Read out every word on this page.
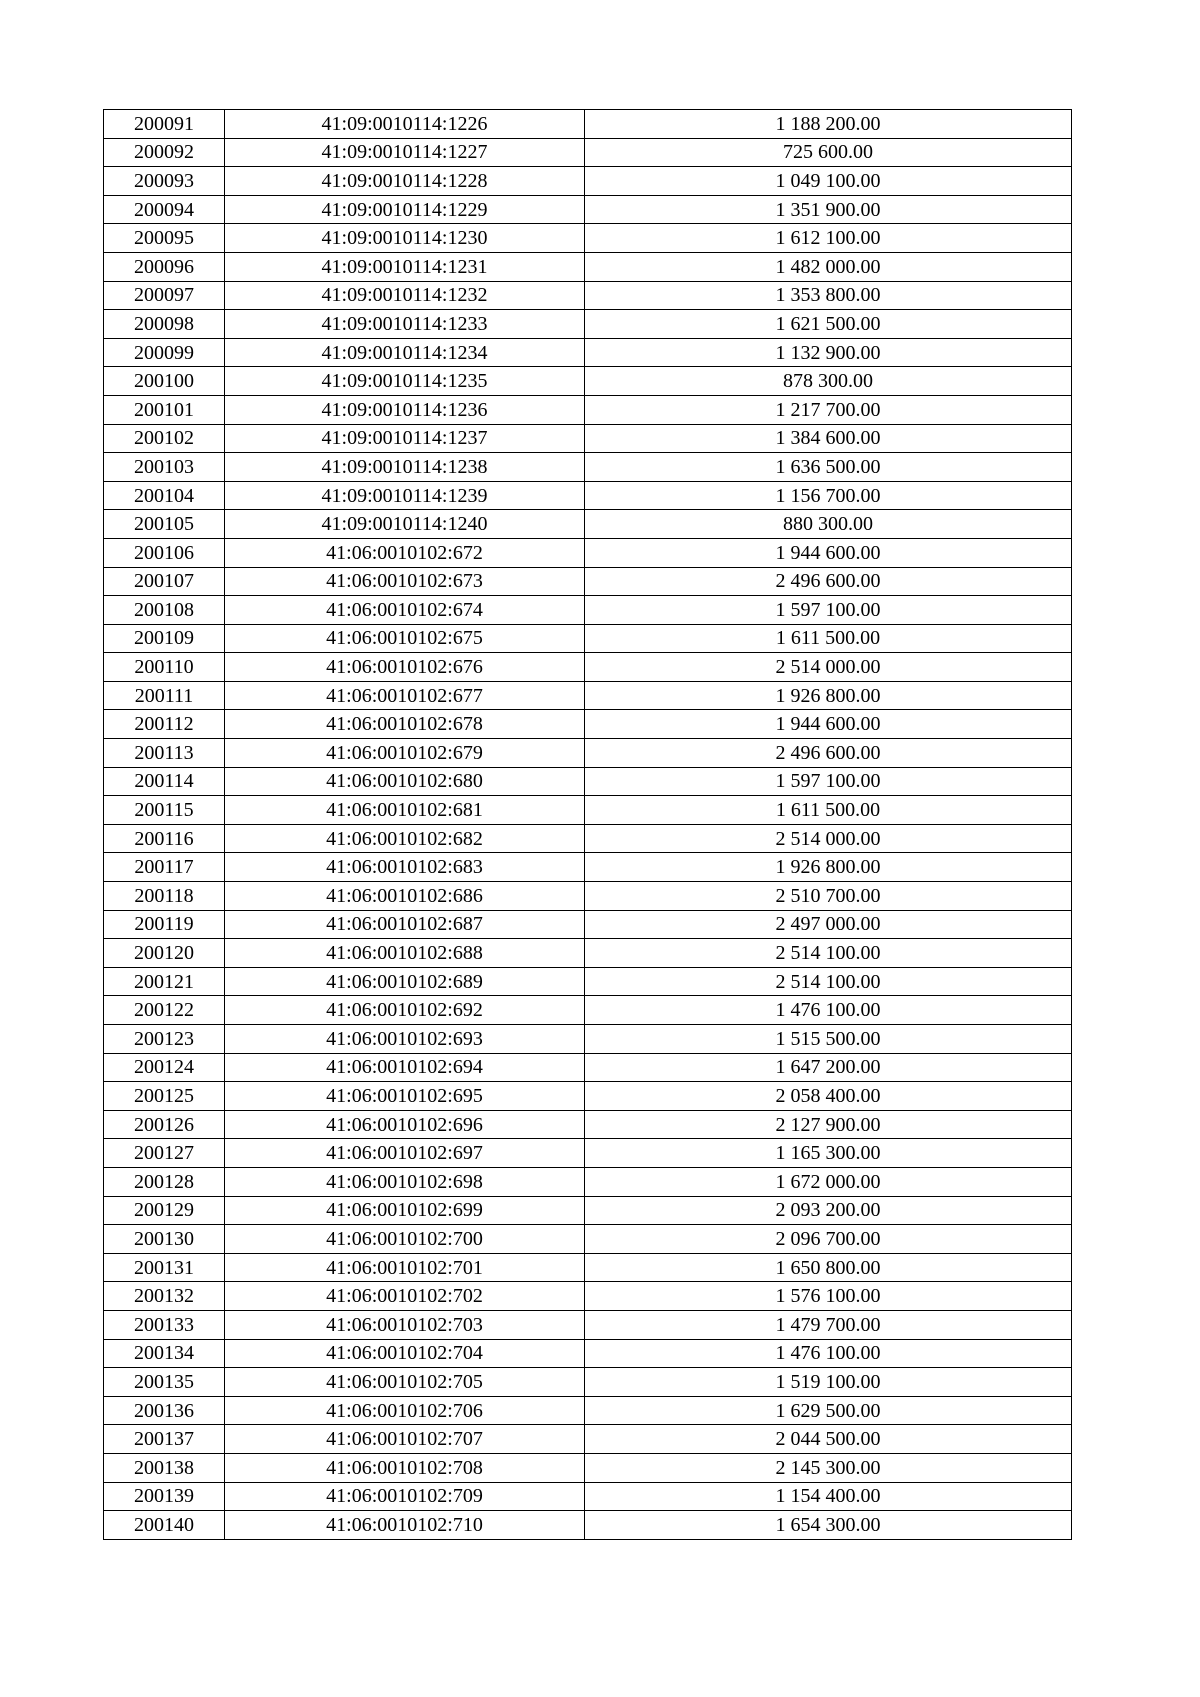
200091	41:09:0010114:1226	1 188 200.00
200092	41:09:0010114:1227	725 600.00
200093	41:09:0010114:1228	1 049 100.00
200094	41:09:0010114:1229	1 351 900.00
200095	41:09:0010114:1230	1 612 100.00
200096	41:09:0010114:1231	1 482 000.00
200097	41:09:0010114:1232	1 353 800.00
200098	41:09:0010114:1233	1 621 500.00
200099	41:09:0010114:1234	1 132 900.00
200100	41:09:0010114:1235	878 300.00
200101	41:09:0010114:1236	1 217 700.00
200102	41:09:0010114:1237	1 384 600.00
200103	41:09:0010114:1238	1 636 500.00
200104	41:09:0010114:1239	1 156 700.00
200105	41:09:0010114:1240	880 300.00
200106	41:06:0010102:672	1 944 600.00
200107	41:06:0010102:673	2 496 600.00
200108	41:06:0010102:674	1 597 100.00
200109	41:06:0010102:675	1 611 500.00
200110	41:06:0010102:676	2 514 000.00
200111	41:06:0010102:677	1 926 800.00
200112	41:06:0010102:678	1 944 600.00
200113	41:06:0010102:679	2 496 600.00
200114	41:06:0010102:680	1 597 100.00
200115	41:06:0010102:681	1 611 500.00
200116	41:06:0010102:682	2 514 000.00
200117	41:06:0010102:683	1 926 800.00
200118	41:06:0010102:686	2 510 700.00
200119	41:06:0010102:687	2 497 000.00
200120	41:06:0010102:688	2 514 100.00
200121	41:06:0010102:689	2 514 100.00
200122	41:06:0010102:692	1 476 100.00
200123	41:06:0010102:693	1 515 500.00
200124	41:06:0010102:694	1 647 200.00
200125	41:06:0010102:695	2 058 400.00
200126	41:06:0010102:696	2 127 900.00
200127	41:06:0010102:697	1 165 300.00
200128	41:06:0010102:698	1 672 000.00
200129	41:06:0010102:699	2 093 200.00
200130	41:06:0010102:700	2 096 700.00
200131	41:06:0010102:701	1 650 800.00
200132	41:06:0010102:702	1 576 100.00
200133	41:06:0010102:703	1 479 700.00
200134	41:06:0010102:704	1 476 100.00
200135	41:06:0010102:705	1 519 100.00
200136	41:06:0010102:706	1 629 500.00
200137	41:06:0010102:707	2 044 500.00
200138	41:06:0010102:708	2 145 300.00
200139	41:06:0010102:709	1 154 400.00
200140	41:06:0010102:710	1 654 300.00
